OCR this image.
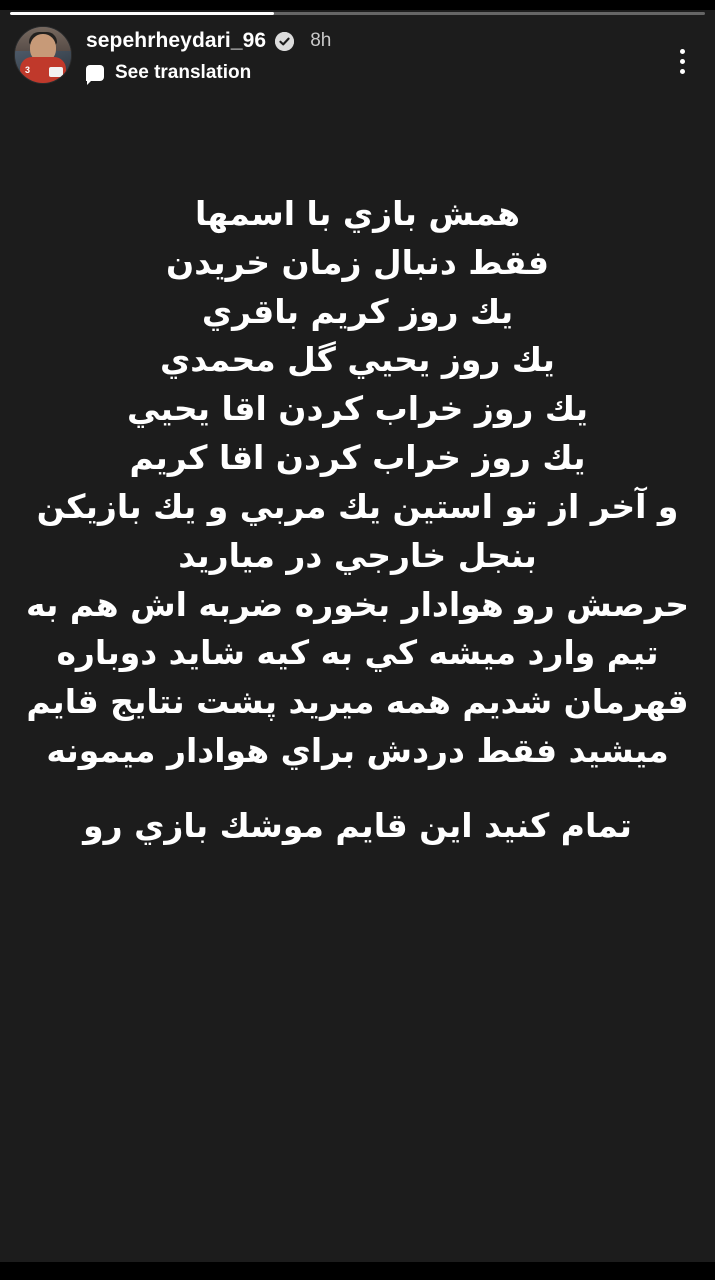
3
sepehrheydari_96 8h
See translation
همش بازي با اسمها
فقط دنبال زمان خريدن
يك روز كريم باقري
يك روز يحيي گل محمدي
يك روز خراب كردن اقا يحيي
يك روز خراب كردن اقا كريم
و آخر از تو استين يك مربي و يك بازيكن
بنجل خارجي در مياريد
حرصش رو هوادار بخوره ضربه اش هم به
تيم وارد ميشه كي به كيه شايد دوباره
قهرمان شديم همه ميريد پشت نتايج قايم
ميشيد فقط دردش براي هوادار ميمونه
تمام كنيد اين قايم موشك بازي رو
